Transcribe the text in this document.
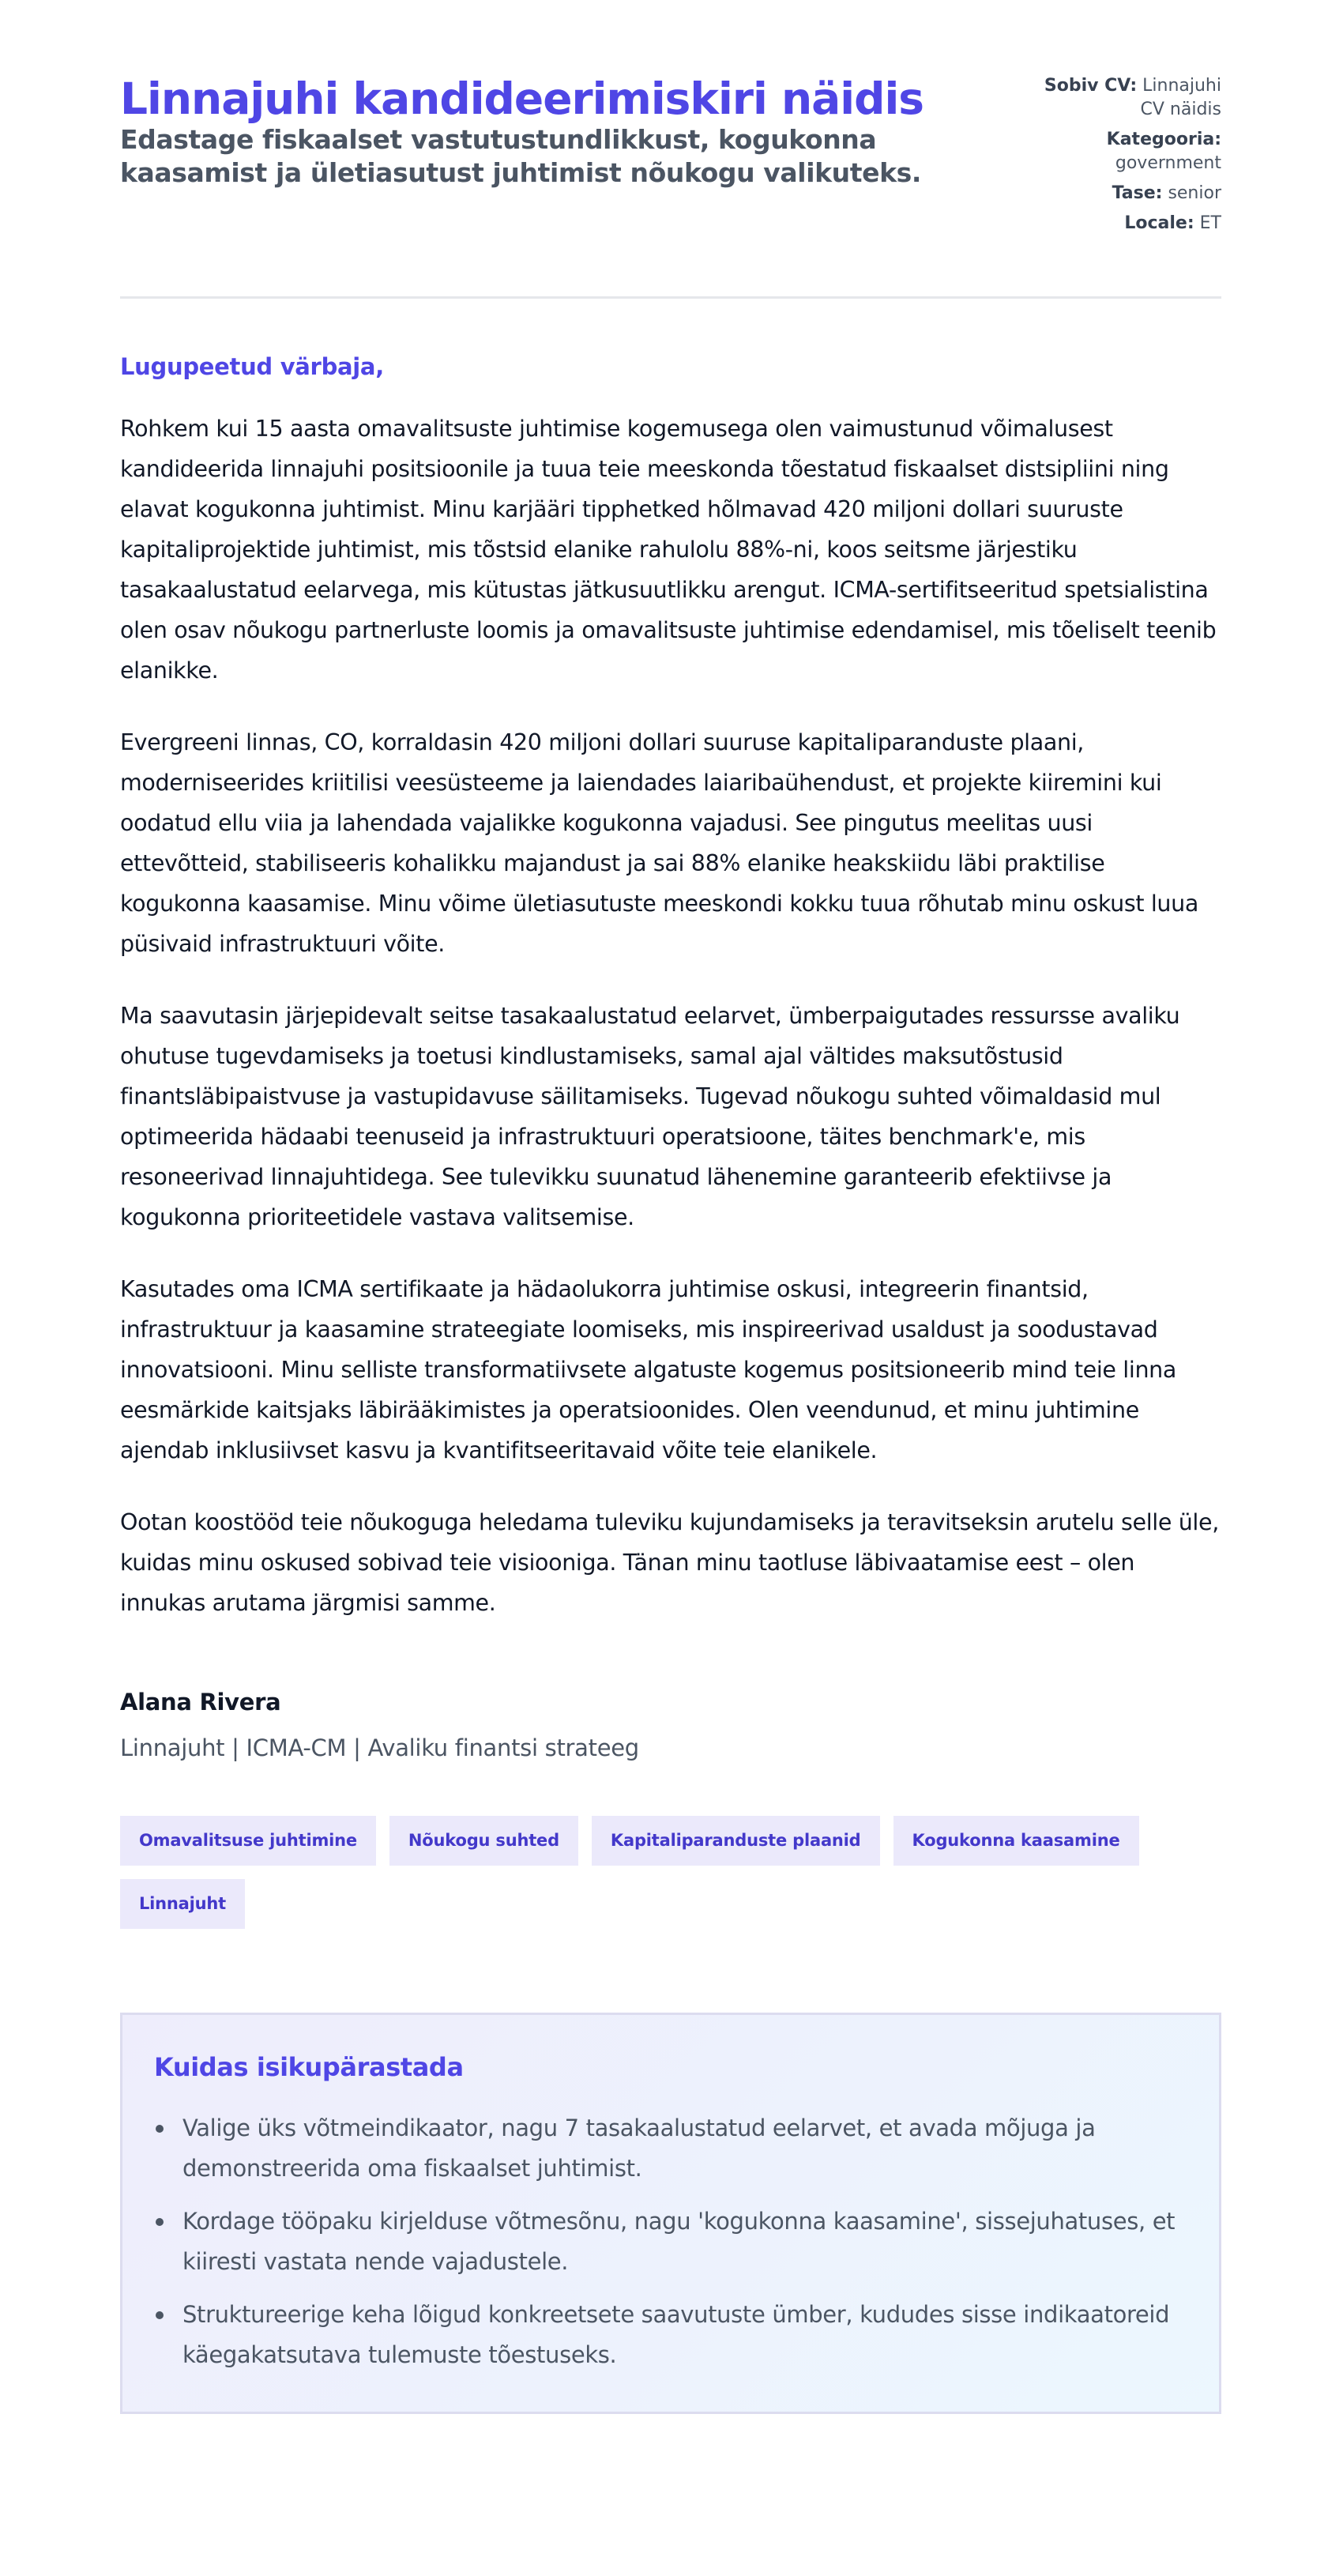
Linnajuhi kandideerimiskiri näidis
Edastage fiskaalset vastutustundlikkust, kogukonna kaasamist ja ületiasutust juhtimist nõukogu valikuteks.
Sobiv CV: Linnajuhi CV näidis
Kategooria: government
Tase: senior
Locale: ET

Lugupeetud värbaja,

Rohkem kui 15 aasta omavalitsuste juhtimise kogemusega olen vaimustunud võimalusest kandideerida linnajuhi positsioonile ja tuua teie meeskonda tõestatud fiskaalset distsipliini ning elavat kogukonna juhtimist. Minu karjääri tipphetked hõlmavad 420 miljoni dollari suuruste kapitaliprojektide juhtimist, mis tõstsid elanike rahulolu 88%-ni, koos seitsme järjestiku tasakaalustatud eelarvega, mis kütustas jätkusuutlikku arengut. ICMA-sertifitseeritud spetsialistina olen osav nõukogu partnerluste loomis ja omavalitsuste juhtimise edendamisel, mis tõeliselt teenib elanikke.

Evergreeni linnas, CO, korraldasin 420 miljoni dollari suuruse kapitaliparanduste plaani, moderniseerides kriitilisi veesüsteeme ja laiendades laiaribaühendust, et projekte kiiremini kui oodatud ellu viia ja lahendada vajalikke kogukonna vajadusi. See pingutus meelitas uusi ettevõtteid, stabiliseeris kohalikku majandust ja sai 88% elanike heakskiidu läbi praktilise kogukonna kaasamise. Minu võime ületiasutuste meeskondi kokku tuua rõhutab minu oskust luua püsivaid infrastruktuuri võite.

Ma saavutasin järjepidevalt seitse tasakaalustatud eelarvet, ümberpaigutades ressursse avaliku ohutuse tugevdamiseks ja toetusi kindlustamiseks, samal ajal vältides maksutõstusid finantsläbipaistvuse ja vastupidavuse säilitamiseks. Tugevad nõukogu suhted võimaldasid mul optimeerida hädaabi teenuseid ja infrastruktuuri operatsioone, täites benchmark'e, mis resoneerivad linnajuhtidega. See tulevikku suunatud lähenemine garanteerib efektiivse ja kogukonna prioriteetidele vastava valitsemise.

Kasutades oma ICMA sertifikaate ja hädaolukorra juhtimise oskusi, integreerin finantsid, infrastruktuur ja kaasamine strateegiate loomiseks, mis inspireerivad usaldust ja soodustavad innovatsiooni. Minu selliste transformatiivsete algatuste kogemus positsioneerib mind teie linna eesmärkide kaitsjaks läbirääkimistes ja operatsioonides. Olen veendunud, et minu juhtimine ajendab inklusiivset kasvu ja kvantifitseeritavaid võite teie elanikele.

Ootan koostööd teie nõukoguga heledama tuleviku kujundamiseks ja teravitseksin arutelu selle üle, kuidas minu oskused sobivad teie visiooniga. Tänan minu taotluse läbivaatamise eest – olen innukas arutama järgmisi samme.

Alana Rivera
Linnajuht | ICMA-CM | Avaliku finantsi strateeg
Omavalitsuse juhtimine	Nõukogu suhted	Kapitaliparanduste plaanid	Kogukonna kaasamine
Linnajuht
Kuidas isikupärastada
Valige üks võtmeindikaator, nagu 7 tasakaalustatud eelarvet, et avada mõjuga ja demonstreerida oma fiskaalset juhtimist.
Kordage tööpaku kirjelduse võtmesõnu, nagu 'kogukonna kaasamine', sissejuhatuses, et kiiresti vastata nende vajadustele.
Struktureerige keha lõigud konkreetsete saavutuste ümber, kududes sisse indikaatoreid käegakatsutava tulemuste tõestuseks.
